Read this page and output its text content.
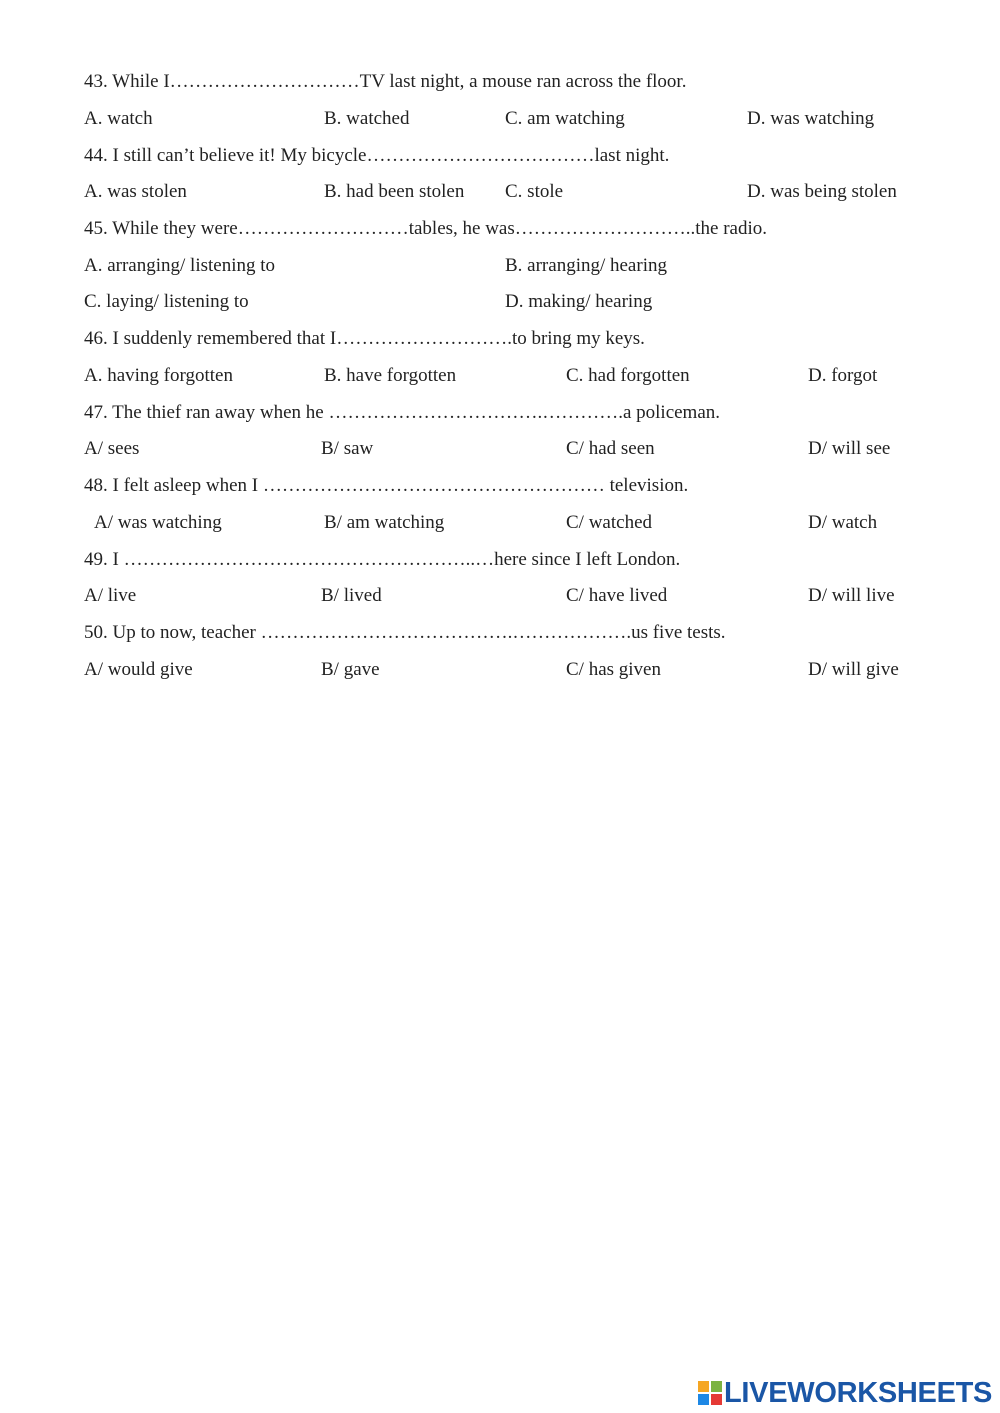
43. While I…………………………TV last night, a mouse ran across the floor.
A. watch	B. watched	C. am watching	D. was watching
44. I still can’t believe it! My bicycle………………………………last night.
A. was stolen	B. had been stolen C. stole	D. was being stolen
45. While they were………………………tables, he was………………………..the radio.
A. arranging/ listening to	B. arranging/ hearing
C. laying/ listening to	D. making/ hearing
46. I suddenly remembered that I……………………….to bring my keys.
A. having forgotten	B. have forgotten	C. had forgotten	D. forgot
47. The thief ran away when he …………………………….………….a policeman.
A/ sees	B/ saw	C/ had seen	D/ will see
48. I felt asleep when I ……………………………………………… television.
A/ was watching	B/ am watching	C/ watched	D/ watch
49. I ………………………………………………..…here since I left London.
A/ live	B/ lived	C/ have lived	D/ will live
50. Up to now, teacher ………………………………….……………….us five tests.
A/ would give	B/ gave	C/ has given	D/ will give
LIVEWORKSHEETS
